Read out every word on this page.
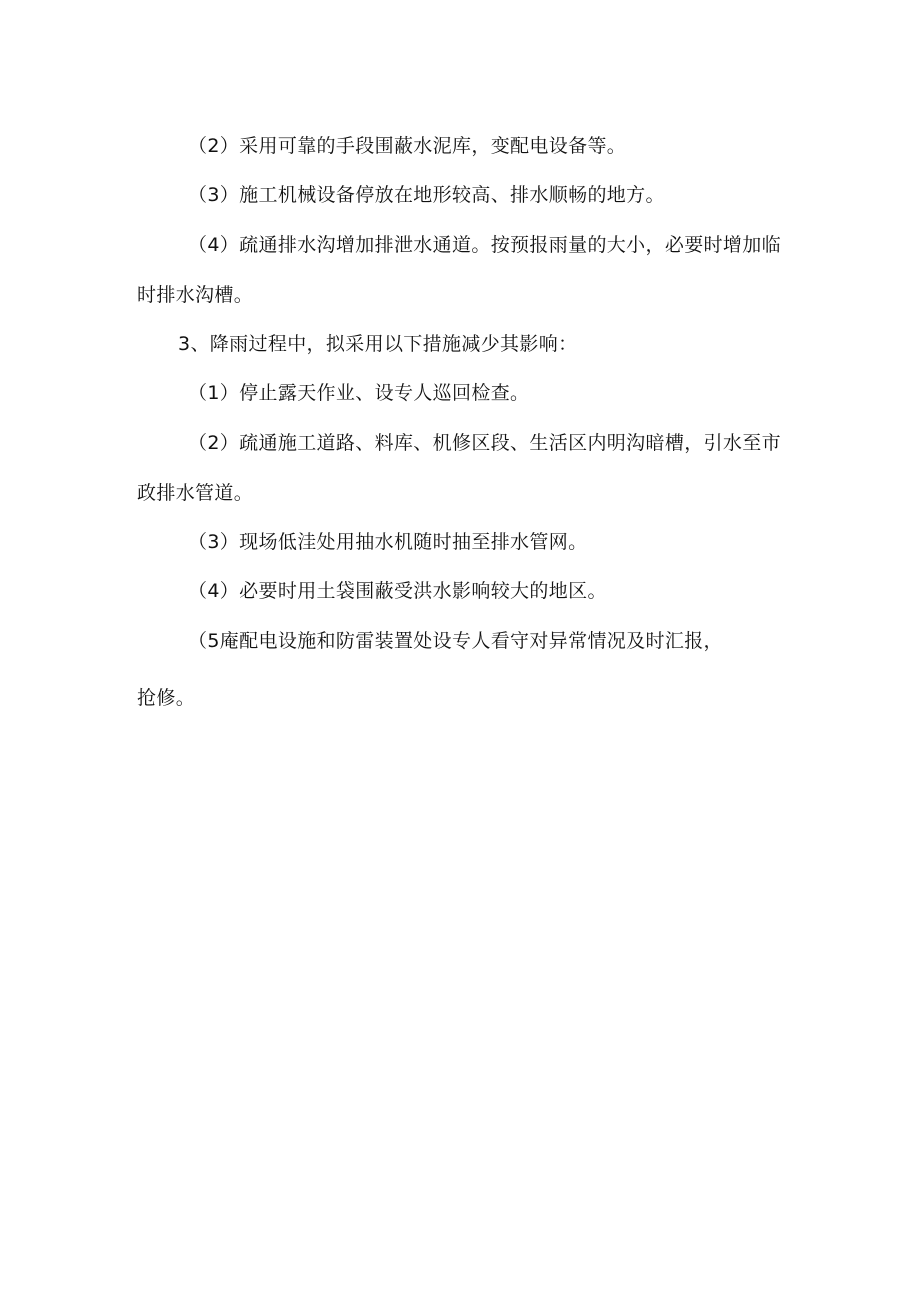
（2）采用可靠的手段围蔽水泥库，变配电设备等。

（3）施工机械设备停放在地形较高、排水顺畅的地方。

（4）疏通排水沟增加排泄水通道。按预报雨量的大小，必要时增加临

时排水沟槽。

3、降雨过程中，拟采用以下措施减少其影响：

（1）停止露天作业、设专人巡回检查。

（2）疏通施工道路、料库、机修区段、生活区内明沟暗槽，引水至市

政排水管道。

（3）现场低洼处用抽水机随时抽至排水管网。

（4）必要时用土袋围蔽受洪水影响较大的地区。

（5庵配电设施和防雷装置处设专人看守对异常情况及时汇报，

抢修。
